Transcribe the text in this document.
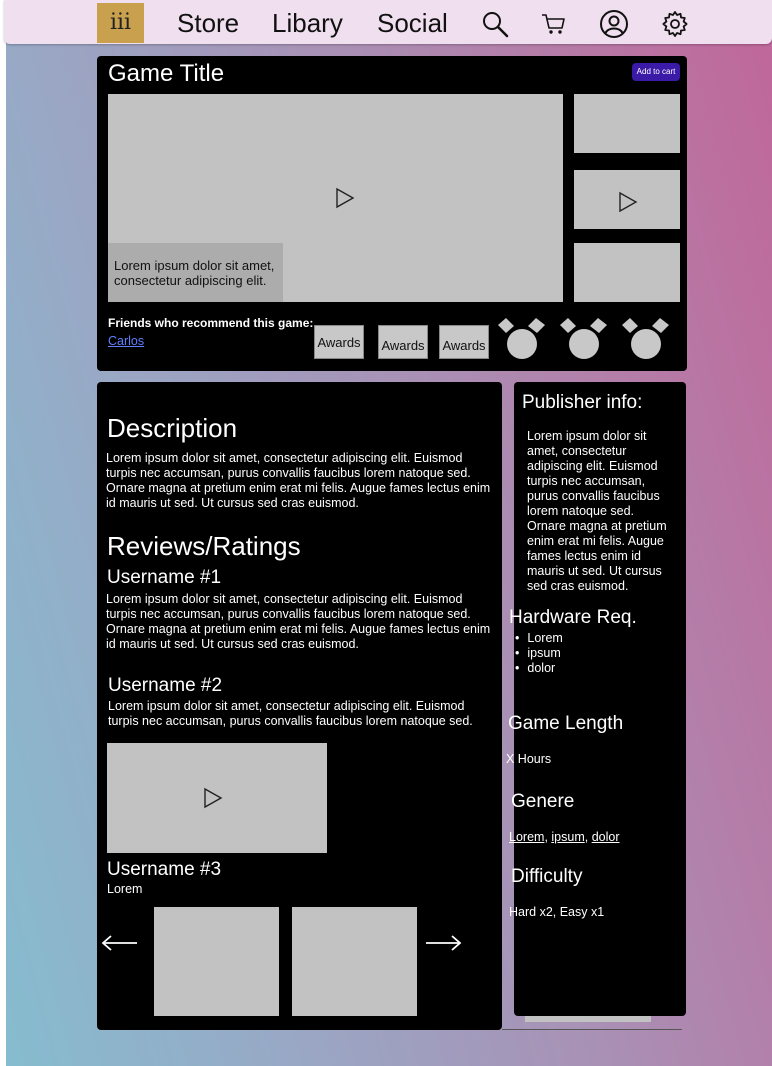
iii	Store Libary Social
Game Title	Add to cart
Lorem ipsum dolor sit amet, consectetur adipiscing elit.
Friends who recommend this game:
Carlos	Awards Awards Awards
Description
Lorem ipsum dolor sit amet, consectetur adipiscing elit. Euismod turpis nec accumsan, purus convallis faucibus lorem natoque sed. Ornare magna at pretium enim erat mi felis. Augue fames lectus enim id mauris ut sed. Ut cursus sed cras euismod.
Reviews/Ratings
Username #1
Lorem ipsum dolor sit amet, consectetur adipiscing elit. Euismod turpis nec accumsan, purus convallis faucibus lorem natoque sed. Ornare magna at pretium enim erat mi felis. Augue fames lectus enim id mauris ut sed. Ut cursus sed cras euismod.
Username #2
Lorem ipsum dolor sit amet, consectetur adipiscing elit. Euismod turpis nec accumsan, purus convallis faucibus lorem natoque sed.
Username #3
Lorem
Publisher info:
Lorem ipsum dolor sit amet, consectetur adipiscing elit. Euismod turpis nec accumsan, purus convallis faucibus lorem natoque sed. Ornare magna at pretium enim erat mi felis. Augue fames lectus enim id mauris ut sed. Ut cursus sed cras euismod.
Hardware Req.
• Lorem
• ipsum
• dolor
Game Length
X Hours
Genere
Lorem, ipsum, dolor
Difficulty
Hard x2, Easy x1
